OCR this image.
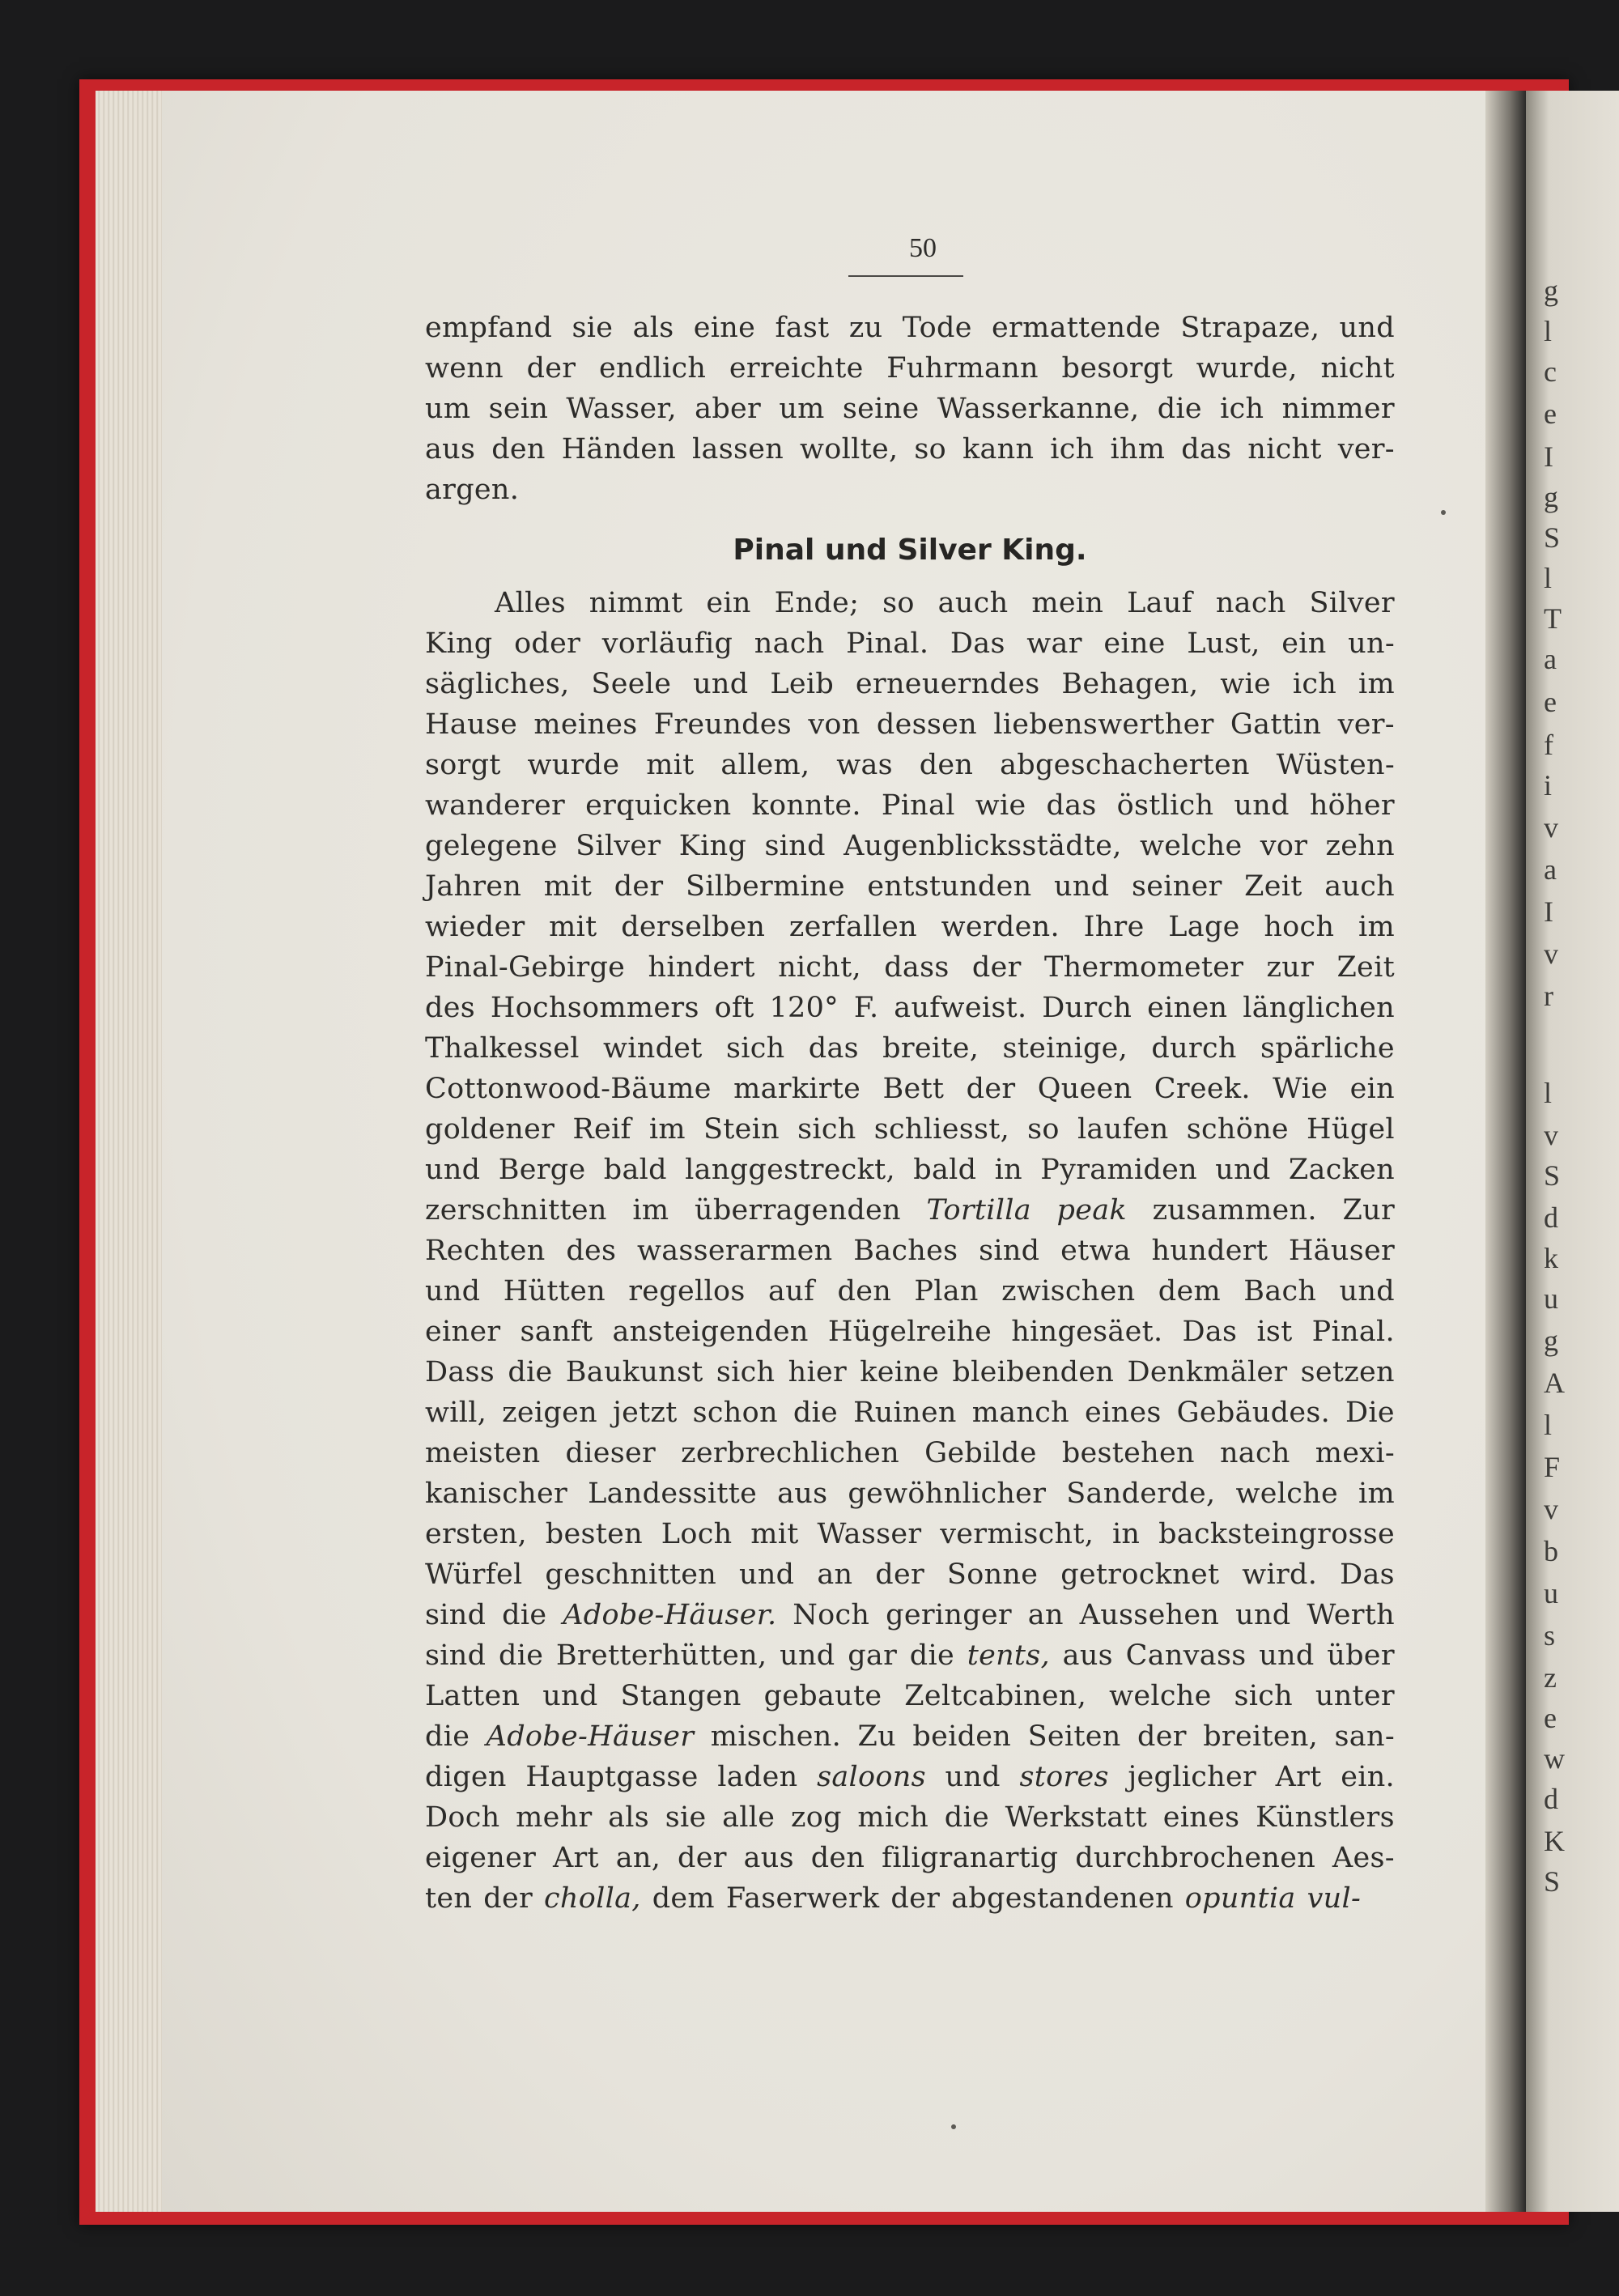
g
l
c
e
I
g
S
l
T
a
e
f
i
v
a
I
v
r
l
v
S
d
k
u
g
A
l
F
v
b
u
s
z
e
w
d
K
S
50
empfand sie als eine fast zu Tode ermattende Strapaze, und
wenn der endlich erreichte Fuhrmann besorgt wurde, nicht
um sein Wasser, aber um seine Wasserkanne, die ich nimmer
aus den Händen lassen wollte, so kann ich ihm das nicht ver-
argen.
Pinal und Silver King.
Alles nimmt ein Ende; so auch mein Lauf nach Silver
King oder vorläufig nach Pinal. Das war eine Lust, ein un-
sägliches, Seele und Leib erneuerndes Behagen, wie ich im
Hause meines Freundes von dessen liebenswerther Gattin ver-
sorgt wurde mit allem, was den abgeschacherten Wüsten-
wanderer erquicken konnte. Pinal wie das östlich und höher
gelegene Silver King sind Augenblicksstädte, welche vor zehn
Jahren mit der Silbermine entstunden und seiner Zeit auch
wieder mit derselben zerfallen werden. Ihre Lage hoch im
Pinal-Gebirge hindert nicht, dass der Thermometer zur Zeit
des Hochsommers oft 120° F. aufweist. Durch einen länglichen
Thalkessel windet sich das breite, steinige, durch spärliche
Cottonwood-Bäume markirte Bett der Queen Creek. Wie ein
goldener Reif im Stein sich schliesst, so laufen schöne Hügel
und Berge bald langgestreckt, bald in Pyramiden und Zacken
zerschnitten im überragenden Tortilla peak zusammen. Zur
Rechten des wasserarmen Baches sind etwa hundert Häuser
und Hütten regellos auf den Plan zwischen dem Bach und
einer sanft ansteigenden Hügelreihe hingesäet. Das ist Pinal.
Dass die Baukunst sich hier keine bleibenden Denkmäler setzen
will, zeigen jetzt schon die Ruinen manch eines Gebäudes. Die
meisten dieser zerbrechlichen Gebilde bestehen nach mexi-
kanischer Landessitte aus gewöhnlicher Sanderde, welche im
ersten, besten Loch mit Wasser vermischt, in backsteingrosse
Würfel geschnitten und an der Sonne getrocknet wird. Das
sind die Adobe-Häuser. Noch geringer an Aussehen und Werth
sind die Bretterhütten, und gar die tents, aus Canvass und über
Latten und Stangen gebaute Zeltcabinen, welche sich unter
die Adobe-Häuser mischen. Zu beiden Seiten der breiten, san-
digen Hauptgasse laden saloons und stores jeglicher Art ein.
Doch mehr als sie alle zog mich die Werkstatt eines Künstlers
eigener Art an, der aus den filigranartig durchbrochenen Aes-
ten der cholla, dem Faserwerk der abgestandenen opuntia vul-
